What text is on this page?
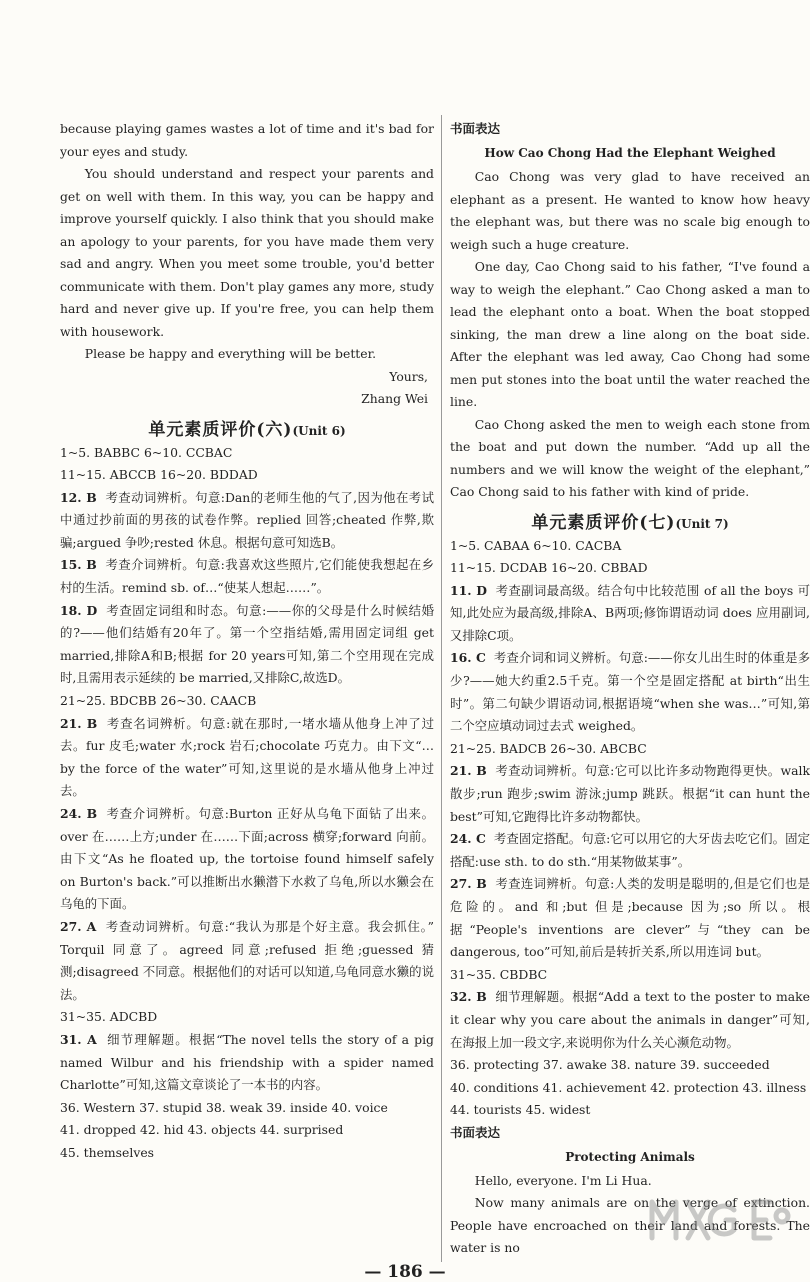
because playing games wastes a lot of time and it's bad for your eyes and study.

You should understand and respect your parents and get on well with them. In this way, you can be happy and improve yourself quickly. I also think that you should make an apology to your parents, for you have made them very sad and angry. When you meet some trouble, you'd better communicate with them. Don't play games any more, study hard and never give up. If you're free, you can help them with housework.

Please be happy and everything will be better.

Yours,

Zhang Wei

单元素质评价(六)(Unit 6)

1~5. BABBC 6~10. CCBAC

11~15. ABCCB 16~20. BDDAD

12. B 考查动词辨析。句意:Dan的老师生他的气了,因为他在考试中通过抄前面的男孩的试卷作弊。replied 回答;cheated 作弊,欺骗;argued 争吵;rested 休息。根据句意可知选B。

15. B 考查介词辨析。句意:我喜欢这些照片,它们能使我想起在乡村的生活。remind sb. of…“使某人想起……”。

18. D 考查固定词组和时态。句意:——你的父母是什么时候结婚的?——他们结婚有20年了。第一个空指结婚,需用固定词组 get married,排除A和B;根据 for 20 years可知,第二个空用现在完成时,且需用表示延续的 be married,又排除C,故选D。

21~25. BDCBB 26~30. CAACB

21. B 考查名词辨析。句意:就在那时,一堵水墙从他身上冲了过去。fur 皮毛;water 水;rock 岩石;chocolate 巧克力。由下文“…by the force of the water”可知,这里说的是水墙从他身上冲过去。

24. B 考查介词辨析。句意:Burton 正好从乌龟下面钻了出来。over 在……上方;under 在……下面;across 横穿;forward 向前。由下文“As he floated up, the tortoise found himself safely on Burton's back.”可以推断出水獭潜下水救了乌龟,所以水獭会在乌龟的下面。

27. A 考查动词辨析。句意:“我认为那是个好主意。我会抓住。” Torquil 同意了。agreed 同意;refused 拒绝;guessed 猜测;disagreed 不同意。根据他们的对话可以知道,乌龟同意水獭的说法。

31~35. ADCBD

31. A 细节理解题。根据“The novel tells the story of a pig named Wilbur and his friendship with a spider named Charlotte”可知,这篇文章谈论了一本书的内容。

36. Western 37. stupid 38. weak 39. inside 40. voice

41. dropped 42. hid 43. objects 44. surprised

45. themselves

书面表达

How Cao Chong Had the Elephant Weighed

Cao Chong was very glad to have received an elephant as a present. He wanted to know how heavy the elephant was, but there was no scale big enough to weigh such a huge creature.

One day, Cao Chong said to his father, “I've found a way to weigh the elephant.” Cao Chong asked a man to lead the elephant onto a boat. When the boat stopped sinking, the man drew a line along on the boat side. After the elephant was led away, Cao Chong had some men put stones into the boat until the water reached the line.

Cao Chong asked the men to weigh each stone from the boat and put down the number. “Add up all the numbers and we will know the weight of the elephant,” Cao Chong said to his father with kind of pride.

单元素质评价(七)(Unit 7)

1~5. CABAA 6~10. CACBA

11~15. DCDAB 16~20. CBBAD

11. D 考查副词最高级。结合句中比较范围 of all the boys 可知,此处应为最高级,排除A、B两项;修饰谓语动词 does 应用副词,又排除C项。

16. C 考查介词和词义辨析。句意:——你女儿出生时的体重是多少?——她大约重2.5千克。第一个空是固定搭配 at birth“出生时”。第二句缺少谓语动词,根据语境“when she was…”可知,第二个空应填动词过去式 weighed。

21~25. BADCB 26~30. ABCBC

21. B 考查动词辨析。句意:它可以比许多动物跑得更快。walk 散步;run 跑步;swim 游泳;jump 跳跃。根据“it can hunt the best”可知,它跑得比许多动物都快。

24. C 考查固定搭配。句意:它可以用它的大牙齿去吃它们。固定搭配:use sth. to do sth.“用某物做某事”。

27. B 考查连词辨析。句意:人类的发明是聪明的,但是它们也是危险的。and 和;but 但是;because 因为;so 所以。根据“People's inventions are clever”与“they can be dangerous, too”可知,前后是转折关系,所以用连词 but。

31~35. CBDBC

32. B 细节理解题。根据“Add a text to the poster to make it clear why you care about the animals in danger”可知,在海报上加一段文字,来说明你为什么关心濒危动物。

36. protecting 37. awake 38. nature 39. succeeded

40. conditions 41. achievement 42. protection 43. illness

44. tourists 45. widest

书面表达

Protecting Animals

Hello, everyone. I'm Li Hua.

Now many animals are on the verge of extinction. People have encroached on their land and forests. The water is no

— 186 —
